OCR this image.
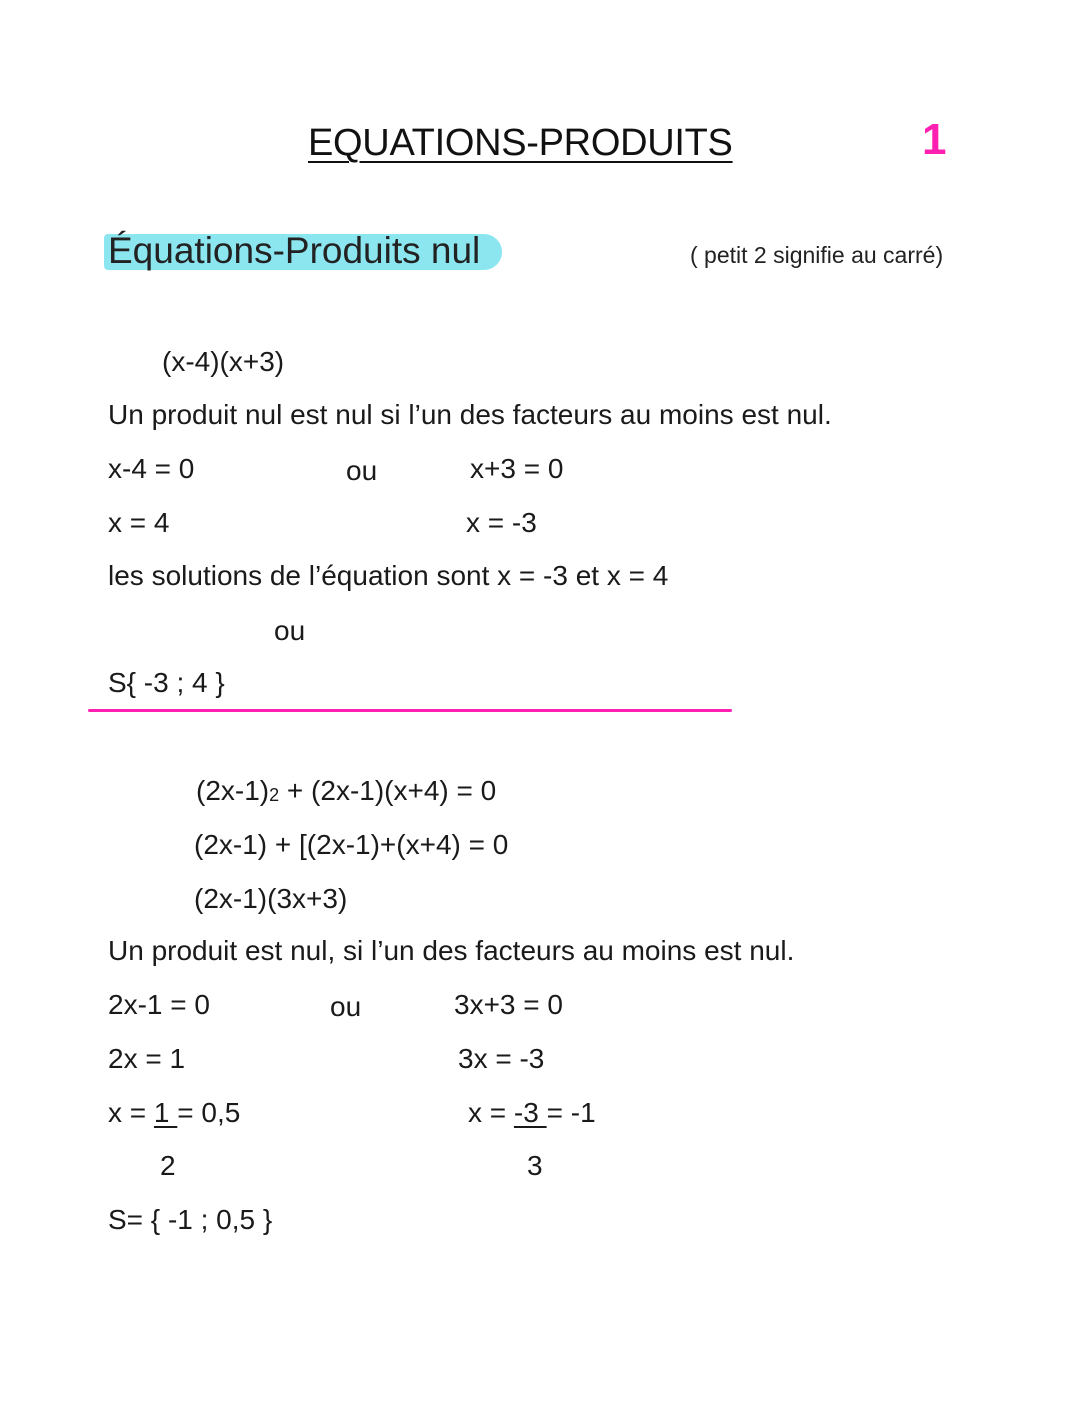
EQUATIONS-PRODUITS	1
Équations-Produits nul	( petit 2 signifie au carré)
(x-4)(x+3)
Un produit nul est nul si l’un des facteurs au moins est nul.
x-4 = 0	ou	x+3 = 0
x = 4	x = -3
les solutions de l’équation sont x = -3 et x = 4
ou
S{ -3 ; 4 }
$(2x-1)_2 + (2x-1)(x+4) = 0$
(2x-1) + [(2x-1)+(x+4) = 0
(2x-1)(3x+3)
Un produit est nul, si l’un des facteurs au moins est nul.
2x-1 = 0	ou	3x+3 = 0
2x = 1	3x = -3
x = 1 = 0,5
2
x = -3 = -1
3
S= { -1 ; 0,5 }
